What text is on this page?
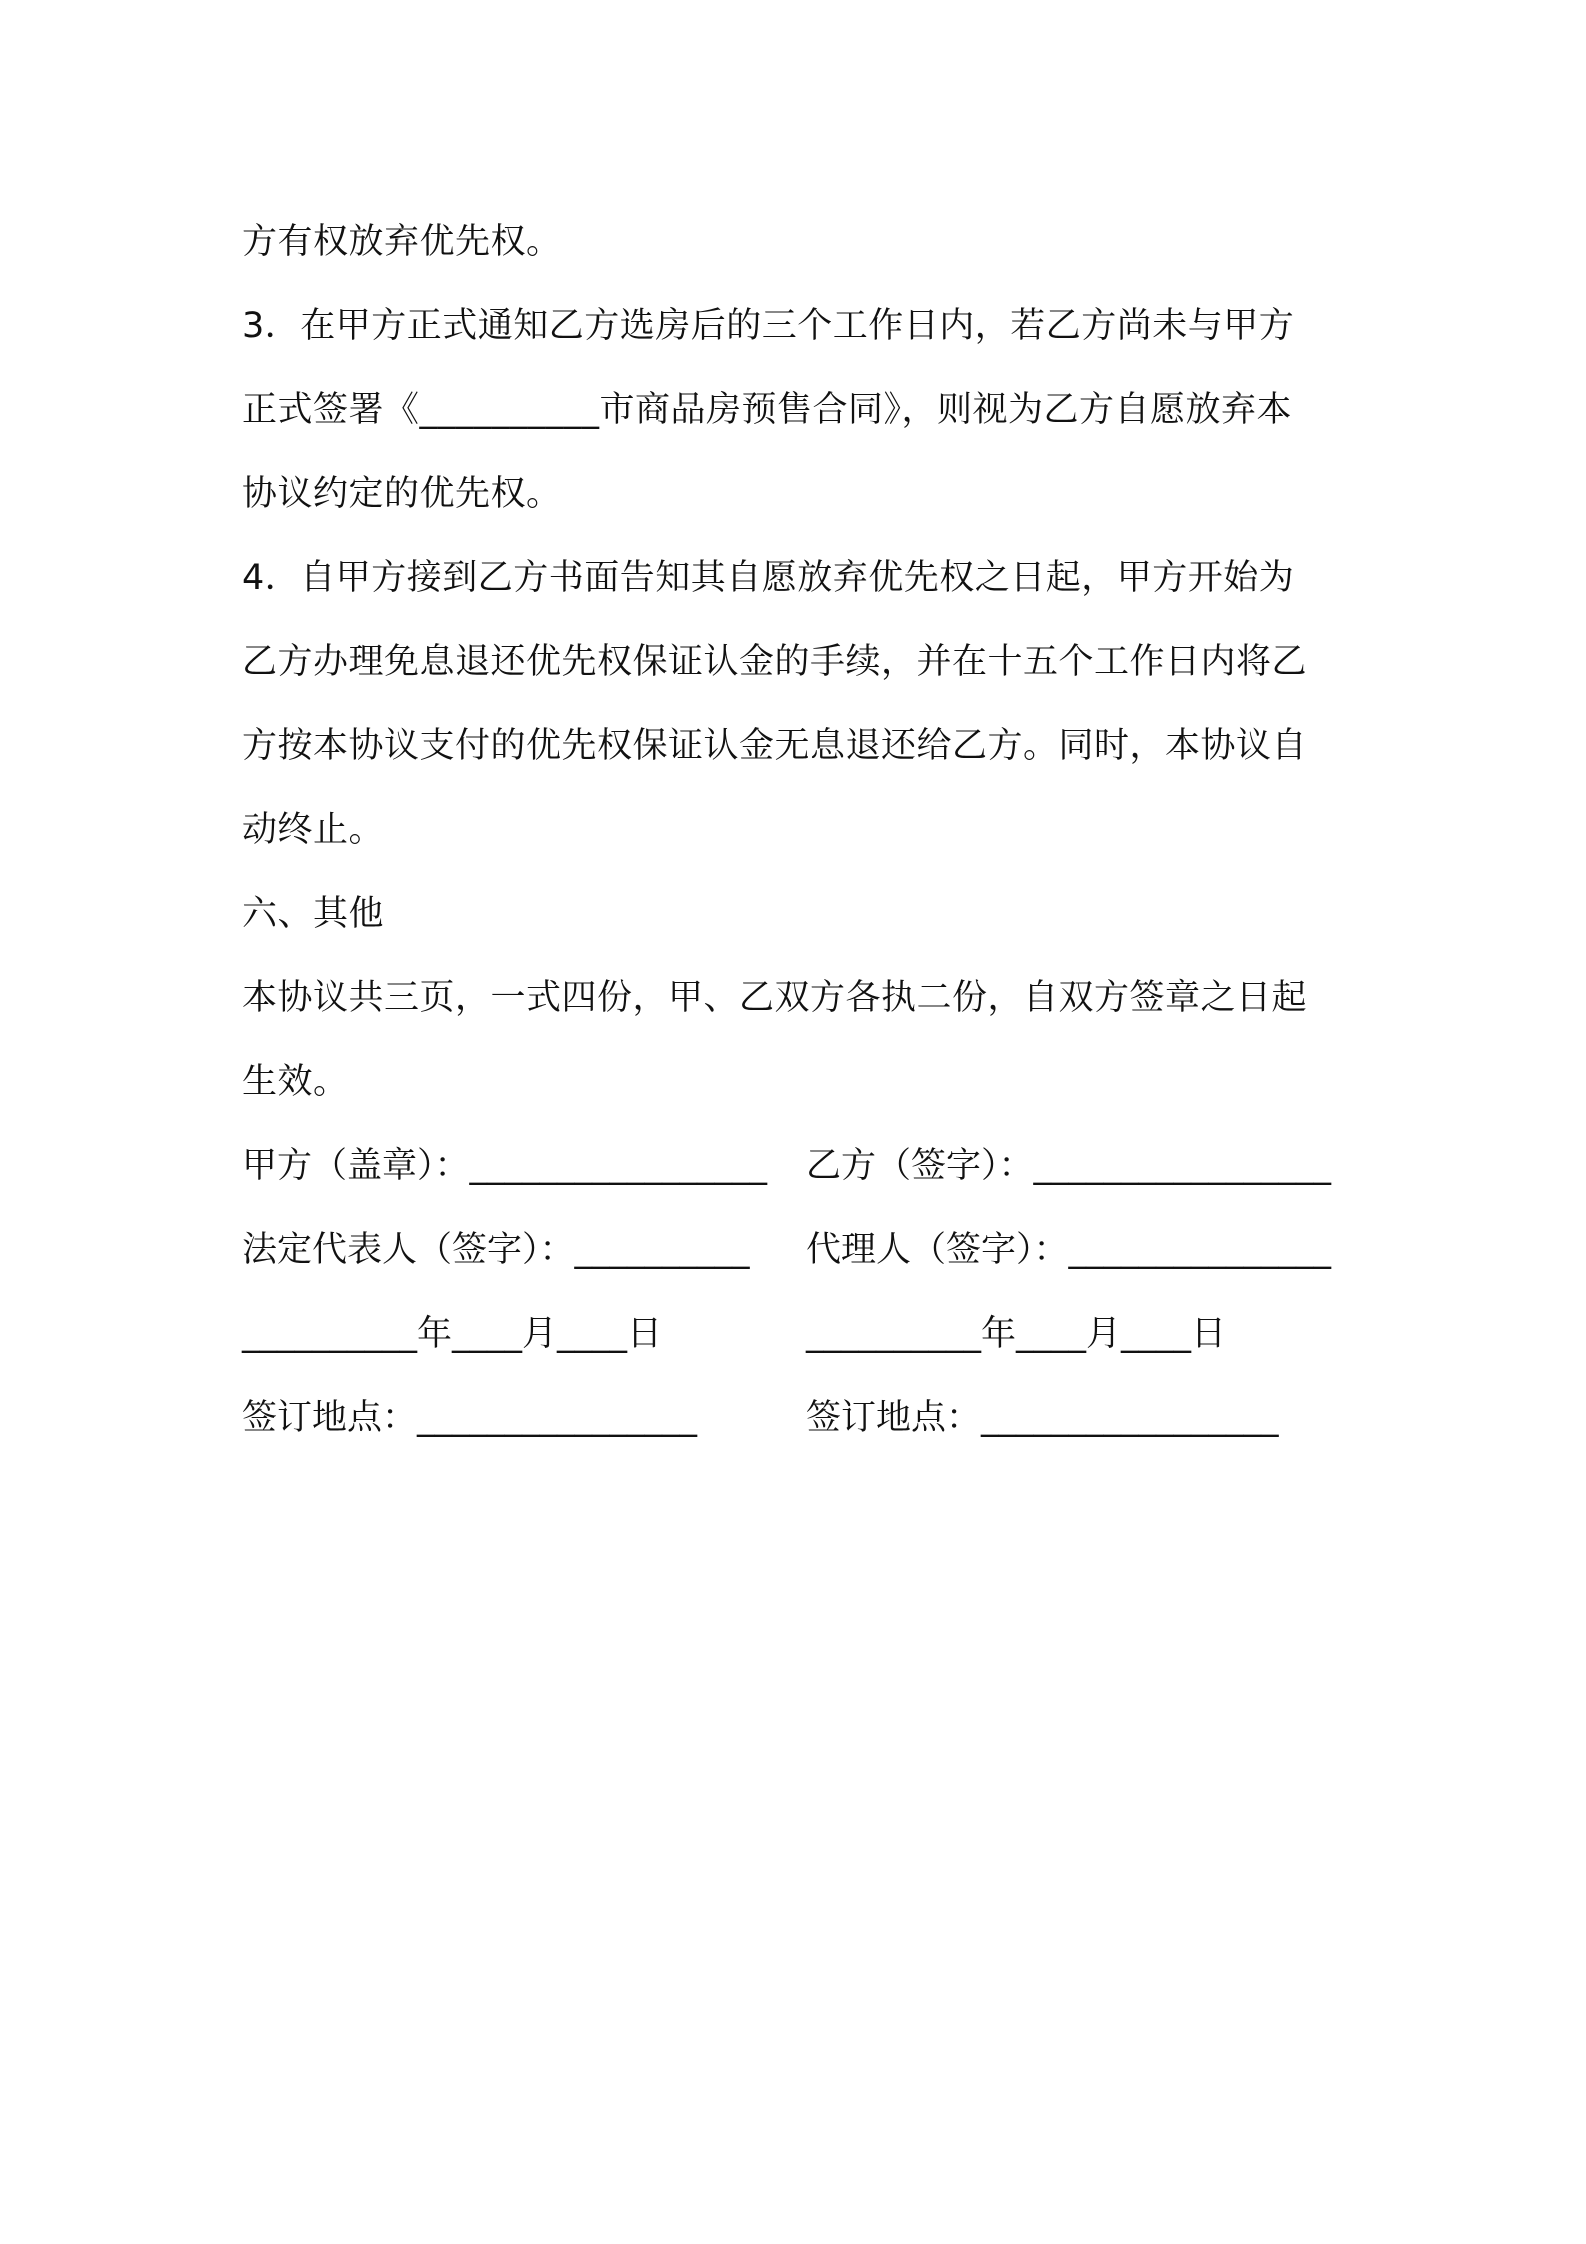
方有权放弃优先权。
3．在甲方正式通知乙方选房后的三个工作日内，若乙方尚未与甲方
正式签署《__________市商品房预售合同》，则视为乙方自愿放弃本
协议约定的优先权。
4．自甲方接到乙方书面告知其自愿放弃优先权之日起，甲方开始为
乙方办理免息退还优先权保证认金的手续，并在十五个工作日内将乙
方按本协议支付的优先权保证认金无息退还给乙方。同时，本协议自
动终止。
六、其他
本协议共三页，一式四份，甲、乙双方各执二份，自双方签章之日起
生效。
甲方（盖章）：_________________ 乙方（签字）：_________________
法定代表人（签字）：__________ 代理人（签字）：_______________
__________年____月____日	__________年____月____日
签订地点：________________	签订地点：_________________
